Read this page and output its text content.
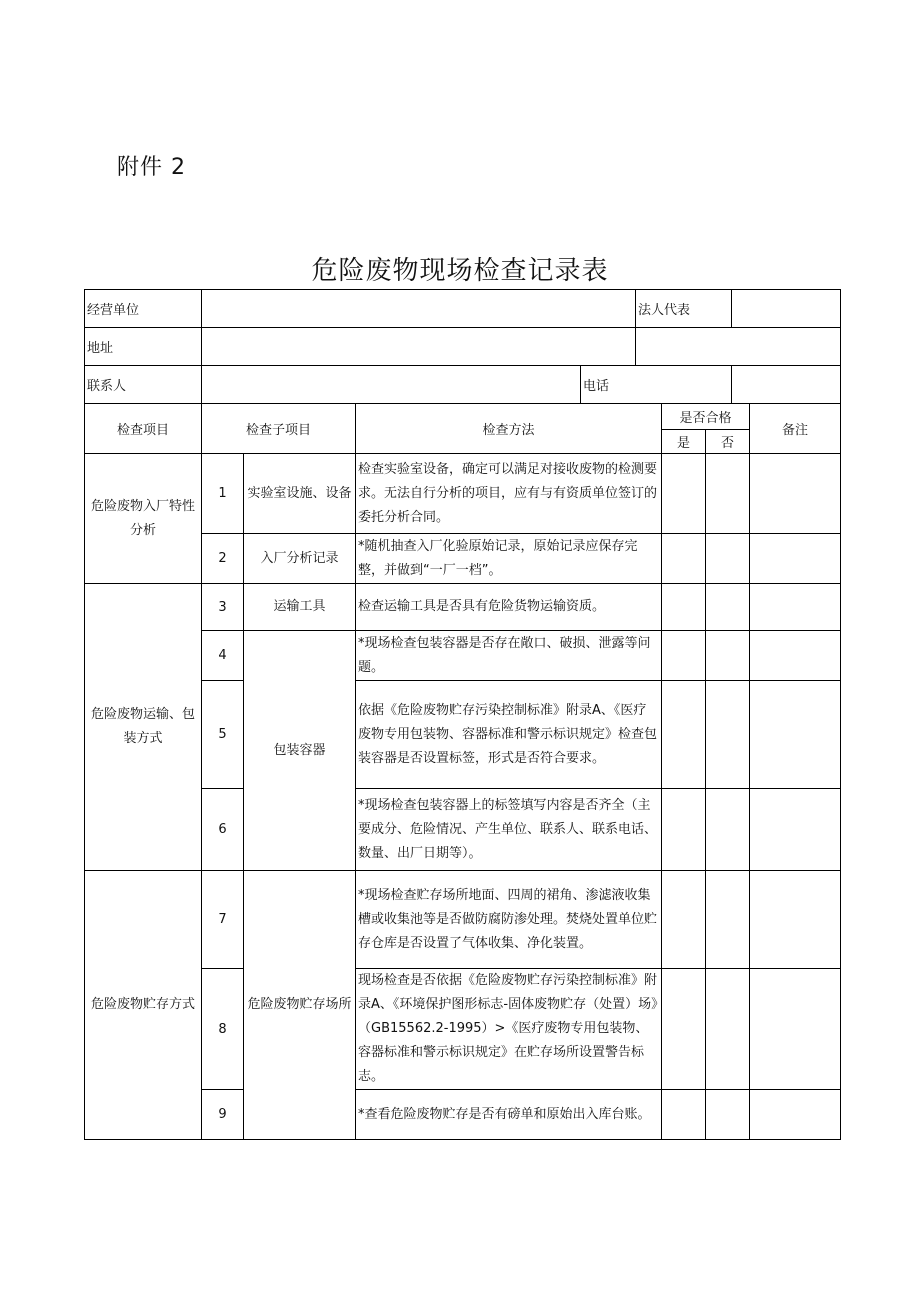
附件 2
危险废物现场检查记录表
经营单位			法人代表	
地址				
联系人		电话		
检查项目	检查子项目		检查方法	是否合格		备注
				是	否	
危险废物入厂特性分析	1	实验室设施、设备	检查实验室设备，确定可以满足对接收废物的检测要求。无法自行分析的项目，应有与有资质单位签订的委托分析合同。			
	2	入厂分析记录	*随机抽查入厂化验原始记录，原始记录应保存完整，并做到“一厂一档”。			
危险废物运输、包装方式	3	运输工具	检查运输工具是否具有危险货物运输资质。			
	4	包装容器	*现场检查包装容器是否存在敞口、破损、泄露等问题。			
	5		依据《危险废物贮存污染控制标准》附录A、《医疗废物专用包装物、容器标准和警示标识规定》检查包装容器是否设置标签，形式是否符合要求。			
	6		*现场检查包装容器上的标签填写内容是否齐全（主要成分、危险情况、产生单位、联系人、联系电话、数量、出厂日期等）。			
危险废物贮存方式	7	危险废物贮存场所	*现场检查贮存场所地面、四周的裙角、渗滤液收集槽或收集池等是否做防腐防渗处理。焚烧处置单位贮存仓库是否设置了气体收集、净化装置。			
	8		现场检查是否依据《危险废物贮存污染控制标准》附录A、《环境保护图形标志-固体废物贮存（处置）场》（GB15562.2-1995）>《医疗废物专用包装物、容器标准和警示标识规定》在贮存场所设置警告标志。			
	9		*查看危险废物贮存是否有磅单和原始出入库台账。			
